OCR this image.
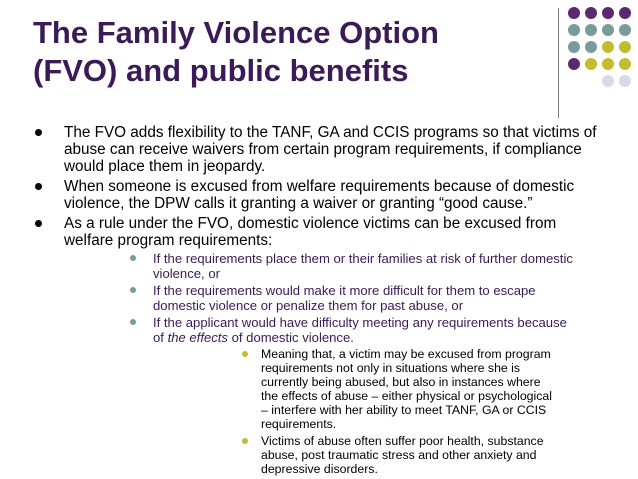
The Family Violence Option
(FVO) and public benefits
The FVO adds flexibility to the TANF, GA and CCIS programs so that victims of abuse can receive waivers from certain program requirements, if compliance would place them in jeopardy.
When someone is excused from welfare requirements because of domestic violence, the DPW calls it granting a waiver or granting “good cause.”
As a rule under the FVO, domestic violence victims can be excused from welfare program requirements:
If the requirements place them or their families at risk of further domestic violence, or
If the requirements would make it more difficult for them to escape domestic violence or penalize them for past abuse, or
If the applicant would have difficulty meeting any requirements because of the effects of domestic violence.
Meaning that, a victim may be excused from program requirements not only in situations where she is currently being abused, but also in instances where the effects of abuse – either physical or psychological – interfere with her ability to meet TANF, GA or CCIS requirements.
Victims of abuse often suffer poor health, substance abuse, post traumatic stress and other anxiety and depressive disorders.
